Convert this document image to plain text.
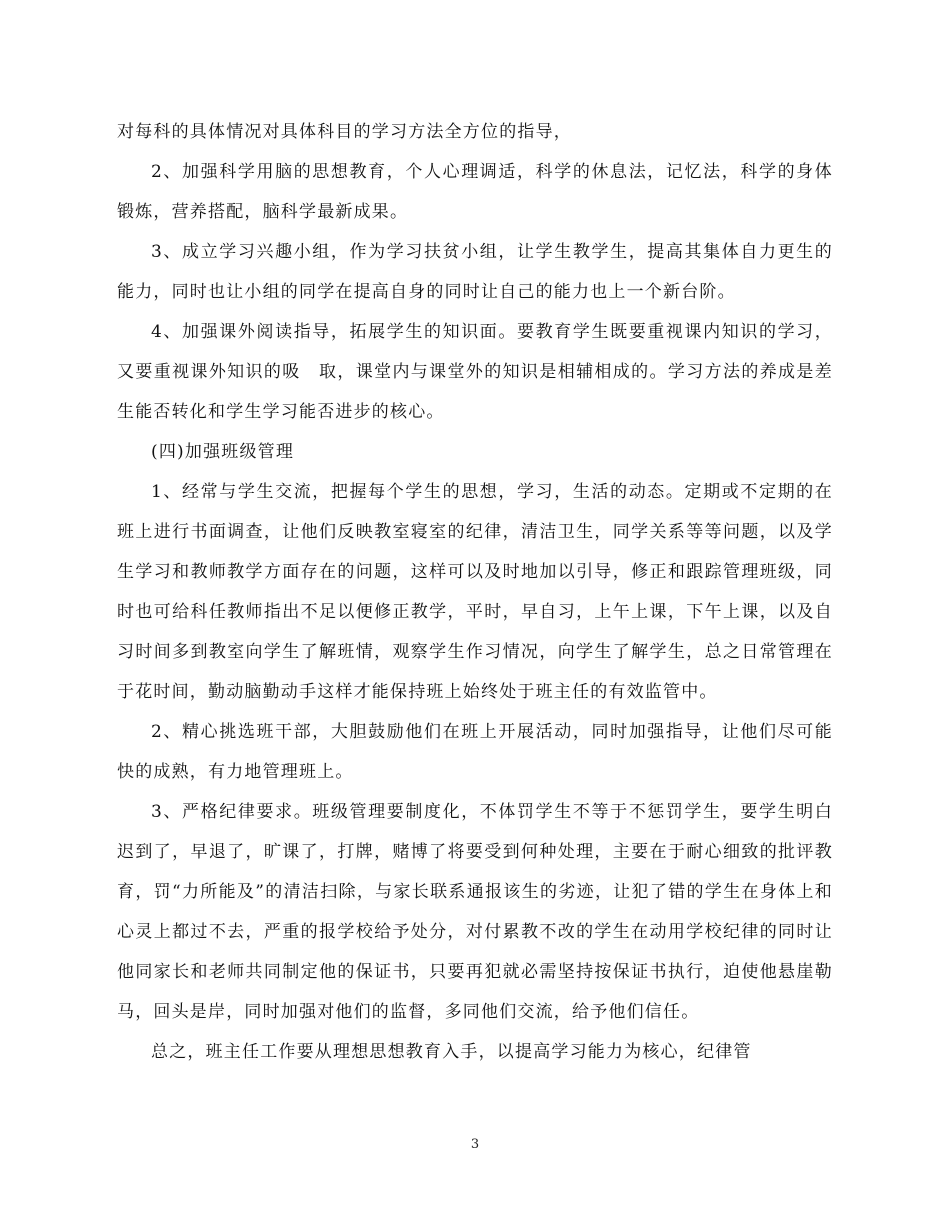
对每科的具体情况对具体科目的学习方法全方位的指导，

2、加强科学用脑的思想教育，个人心理调适，科学的休息法，记忆法，科学的身体锻炼，营养搭配，脑科学最新成果。

3、成立学习兴趣小组，作为学习扶贫小组，让学生教学生，提高其集体自力更生的能力，同时也让小组的同学在提高自身的同时让自己的能力也上一个新台阶。

4、加强课外阅读指导，拓展学生的知识面。要教育学生既要重视课内知识的学习，又要重视课外知识的吸　取，课堂内与课堂外的知识是相辅相成的。学习方法的养成是差生能否转化和学生学习能否进步的核心。

(四)加强班级管理

1、经常与学生交流，把握每个学生的思想，学习，生活的动态。定期或不定期的在班上进行书面调查，让他们反映教室寝室的纪律，清洁卫生，同学关系等等问题，以及学生学习和教师教学方面存在的问题，这样可以及时地加以引导，修正和跟踪管理班级，同时也可给科任教师指出不足以便修正教学，平时，早自习，上午上课，下午上课，以及自习时间多到教室向学生了解班情，观察学生作习情况，向学生了解学生，总之日常管理在于花时间，勤动脑勤动手这样才能保持班上始终处于班主任的有效监管中。

2、精心挑选班干部，大胆鼓励他们在班上开展活动，同时加强指导，让他们尽可能快的成熟，有力地管理班上。

3、严格纪律要求。班级管理要制度化，不体罚学生不等于不惩罚学生，要学生明白迟到了，早退了，旷课了，打牌，赌博了将要受到何种处理，主要在于耐心细致的批评教育，罚“力所能及”的清洁扫除，与家长联系通报该生的劣迹，让犯了错的学生在身体上和心灵上都过不去，严重的报学校给予处分，对付累教不改的学生在动用学校纪律的同时让他同家长和老师共同制定他的保证书，只要再犯就必需坚持按保证书执行，迫使他悬崖勒马，回头是岸，同时加强对他们的监督，多同他们交流，给予他们信任。

总之，班主任工作要从理想思想教育入手，以提高学习能力为核心，纪律管

3
